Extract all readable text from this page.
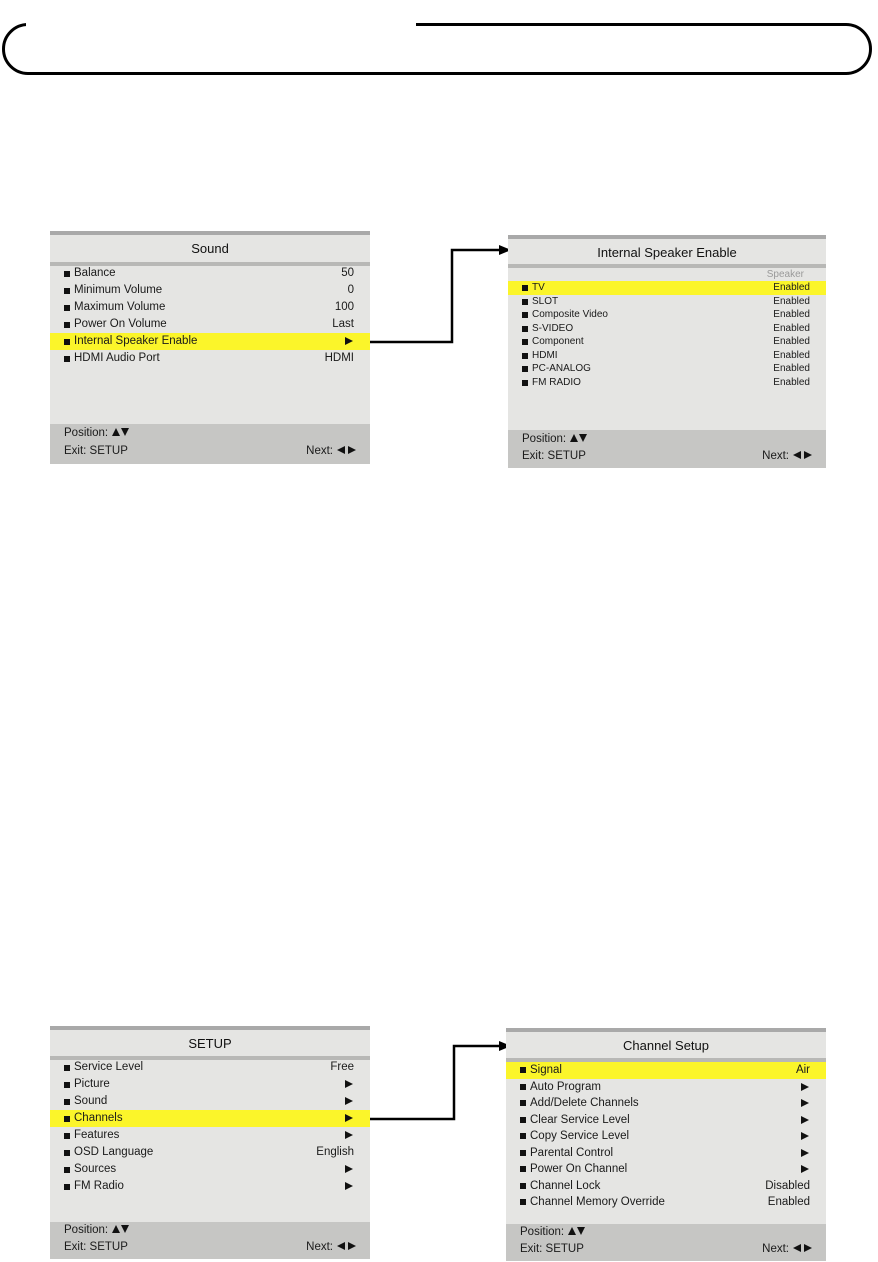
Sound
Balance	50
Minimum Volume	0
Maximum Volume	100
Power On Volume	Last
Internal Speaker Enable
HDMI Audio Port	HDMI
Position:
Exit: SETUP	Next:
Internal Speaker Enable
Speaker
TV	Enabled
SLOT	Enabled
Composite Video	Enabled
S-VIDEO	Enabled
Component	Enabled
HDMI	Enabled
PC-ANALOG	Enabled
FM RADIO	Enabled
Position:
Exit: SETUP	Next:
SETUP
Service Level	Free
Picture
Sound
Channels
Features
OSD Language	English
Sources
FM Radio
Position:
Exit: SETUP	Next:
Channel Setup
Signal	Air
Auto Program
Add/Delete Channels
Clear Service Level
Copy Service Level
Parental Control
Power On Channel
Channel Lock	Disabled
Channel Memory Override	Enabled
Position:
Exit: SETUP	Next:
